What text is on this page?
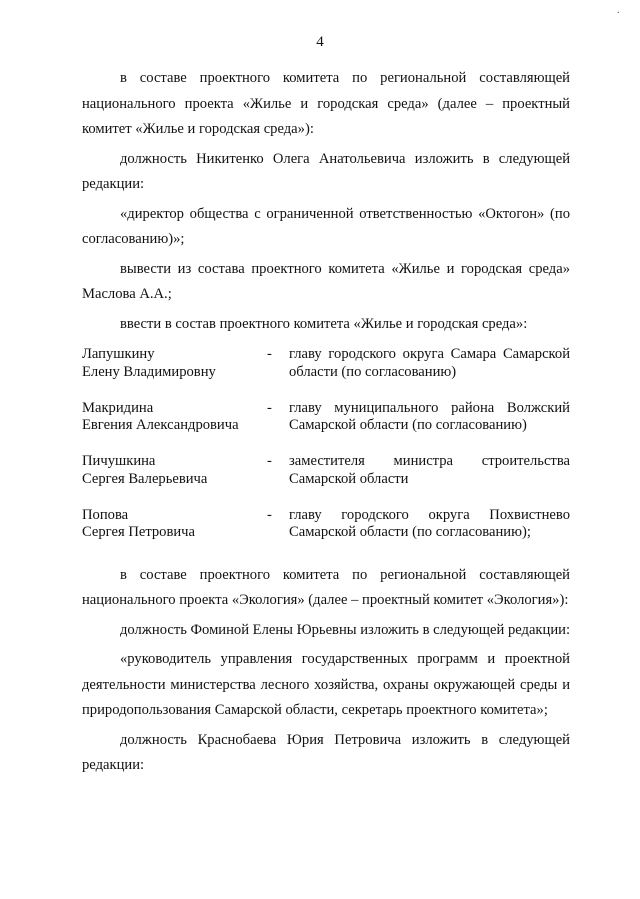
·
4

в составе проектного комитета по региональной составляющей национального проекта «Жилье и городская среда» (далее – проектный комитет «Жилье и городская среда»):

должность Никитенко Олега Анатольевича изложить в следующей редакции:

«директор общества с ограниченной ответственностью «Октогон» (по согласованию)»;

вывести из состава проектного комитета «Жилье и городская среда» Маслова А.А.;

ввести в состав проектного комитета «Жилье и городская среда»:

Лапушкину
Елену Владимировну
-	главу городского округа Самара Самарской
области (по согласованию)
Макридина
Евгения Александровича
-	главу муниципального района Волжский
Самарской области (по согласованию)
Пичушкина
Сергея Валерьевича
-	заместителя министра строительства
Самарской области
Попова
Сергея Петровича
-	главу городского округа Похвистнево
Самарской области (по согласованию);

в составе проектного комитета по региональной составляющей национального проекта «Экология» (далее – проектный комитет «Экология»):

должность Фоминой Елены Юрьевны изложить в следующей редакции:

«руководитель управления государственных программ и проектной деятельности министерства лесного хозяйства, охраны окружающей среды и природопользования Самарской области, секретарь проектного комитета»;

должность Краснобаева Юрия Петровича изложить в следующей редакции:
